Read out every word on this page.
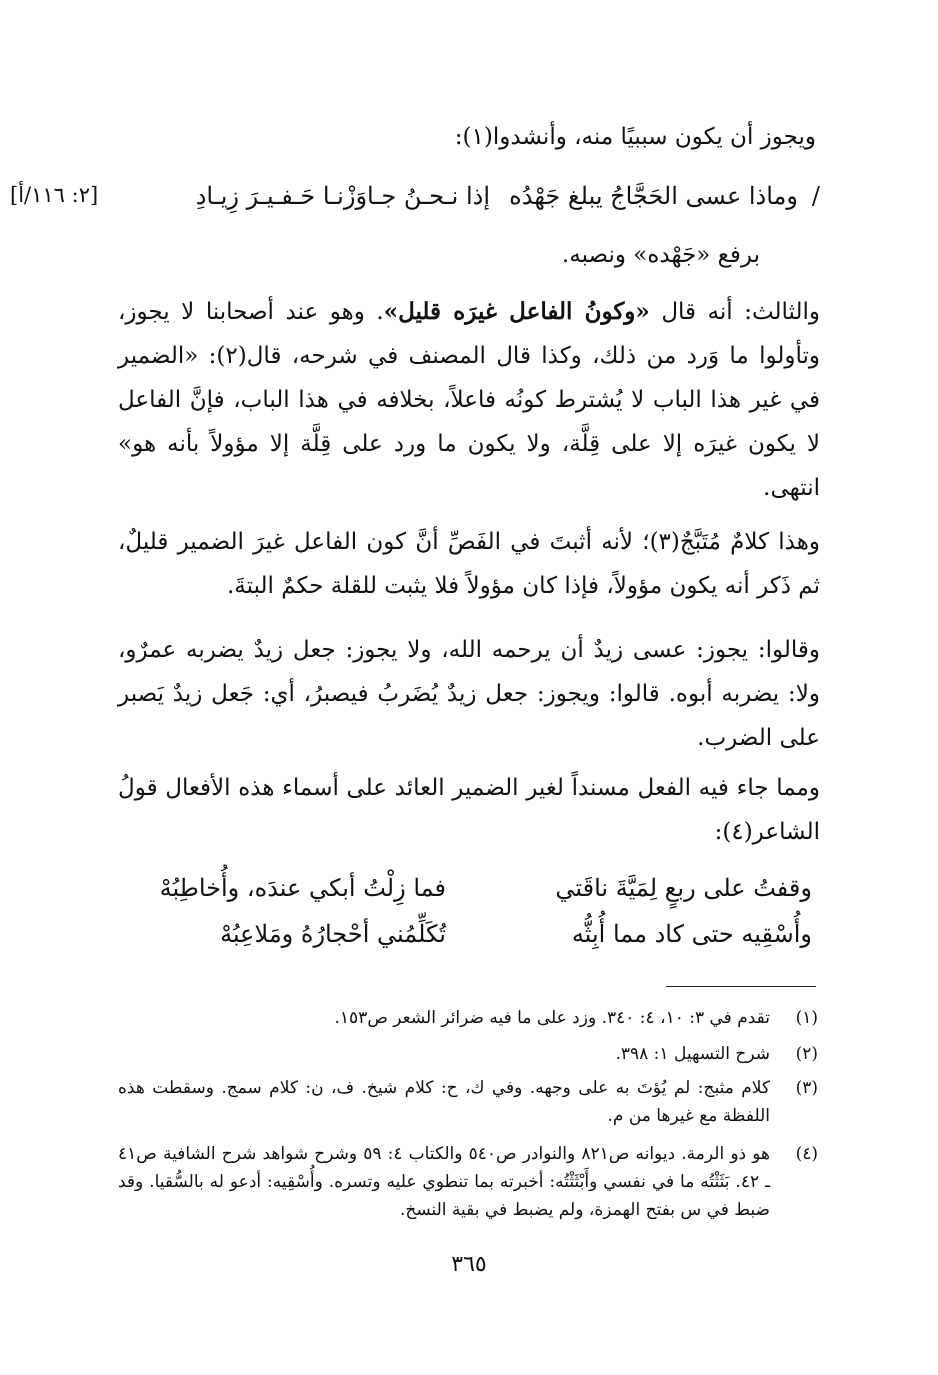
ويجوز أن يكون سببيًا منه، وأنشدوا(١):
[٢: ١١٦/أ]	/
وماذا عسى الحَجَّاجُ يبلغ جَهْدُه
إذا نـحـنُ جـاوَزْنـا حَـفـيـرَ زِيـادِ
برفع «جَهْده» ونصبه.
والثالث: أنه قال «وكونُ الفاعل غيرَه قليل». وهو عند أصحابنا لا يجوز، وتأولوا ما وَرد من ذلك، وكذا قال المصنف في شرحه، قال(٢): «الضمير في غير هذا الباب لا يُشترط كونُه فاعلاً، بخلافه في هذا الباب، فإنَّ الفاعل لا يكون غيرَه إلا على قِلَّة، ولا يكون ما ورد على قِلَّة إلا مؤولاً بأنه هو» انتهى.
وهذا كلامٌ مُتَبَّجٌ(٣)؛ لأنه أثبتَ في الفَصِّ أنَّ كون الفاعل غيرَ الضمير قليلٌ، ثم ذَكر أنه يكون مؤولاً، فإذا كان مؤولاً فلا يثبت للقلة حكمٌ البتةَ.
وقالوا: يجوز: عسى زيدٌ أن يرحمه الله، ولا يجوز: جعل زيدٌ يضربه عمرٌو، ولا: يضربه أبوه. قالوا: ويجوز: جعل زيدٌ يُضَربُ فيصبرُ، أي: جَعل زيدٌ يَصبر على الضرب.
ومما جاء فيه الفعل مسنداً لغير الضمير العائد على أسماء هذه الأفعال قولُ الشاعر(٤):
وقفتُ على ربعٍ لِمَيَّةَ ناقَتي
فما زِلْتُ أبكي عندَه، وأُخاطِبُهْ
وأُسْقِيه حتى كاد مما أُبِثُّه
تُكَلِّمُني أحْجارُهُ ومَلاعِبُهْ
(١)
تقدم في ٣: ١٠، ٤: ٣٤٠. وزد على ما فيه ضرائر الشعر ص١٥٣.
(٢)
شرح التسهيل ١: ٣٩٨.
(٣)
كلام مثبج: لم يُؤتَ به على وجهه. وفي ك، ح: كلام شيخ. ف، ن: كلام سمج. وسقطت هذه اللفظة مع غيرها من م.
(٤)
هو ذو الرمة. ديوانه ص٨٢١ والنوادر ص٥٤٠ والكتاب ٤: ٥٩ وشرح شواهد شرح الشافية ص٤١ ـ ٤٢. بَثَثْتُه ما في نفسي وأَبْثَثْتُه: أخبرته بما تنطوي عليه وتسره. وأُسْقِيه: أدعو له بالسُّقيا. وقد ضبط في س بفتح الهمزة، ولم يضبط في بقية النسخ.
٣٦٥
